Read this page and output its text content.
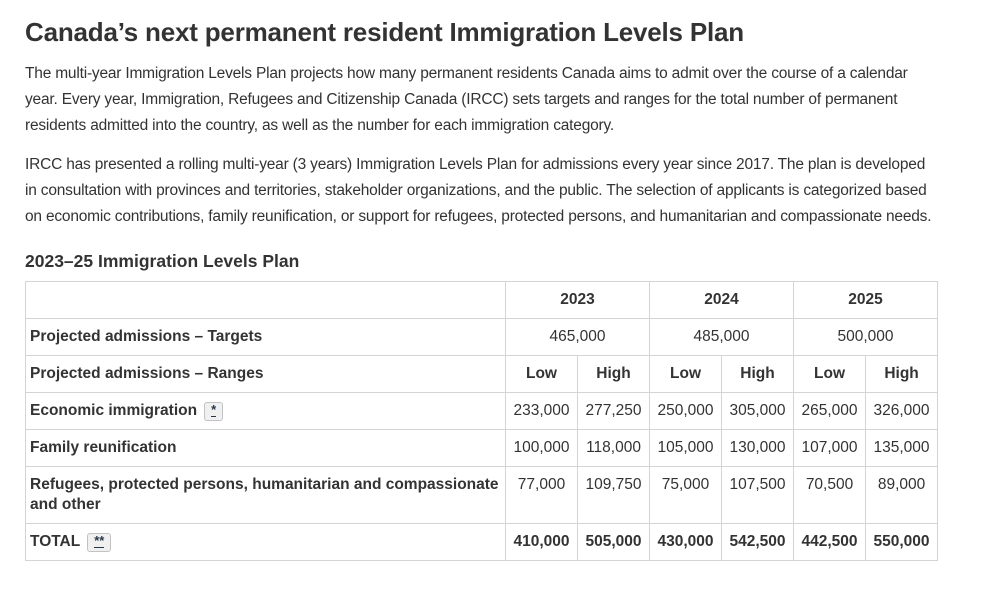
Canada’s next permanent resident Immigration Levels Plan

The multi-year Immigration Levels Plan projects how many permanent residents Canada aims to admit over the course of a calendar year. Every year, Immigration, Refugees and Citizenship Canada (IRCC) sets targets and ranges for the total number of permanent residents admitted into the country, as well as the number for each immigration category.

IRCC has presented a rolling multi-year (3 years) Immigration Levels Plan for admissions every year since 2017. The plan is developed in consultation with provinces and territories, stakeholder organizations, and the public. The selection of applicants is categorized based on economic contributions, family reunification, or support for refugees, protected persons, and humanitarian and compassionate needs.

2023–25 Immigration Levels Plan
	2023		2024		2025	
Projected admissions – Targets	465,000		485,000		500,000	
Projected admissions – Ranges	Low	High	Low	High	Low	High
Economic immigration *	233,000	277,250	250,000	305,000	265,000	326,000
Family reunification	100,000	118,000	105,000	130,000	107,000	135,000
Refugees, protected persons, humanitarian and compassionate and other	77,000	109,750	75,000	107,500	70,500	89,000
TOTAL **	410,000	505,000	430,000	542,500	442,500	550,000
